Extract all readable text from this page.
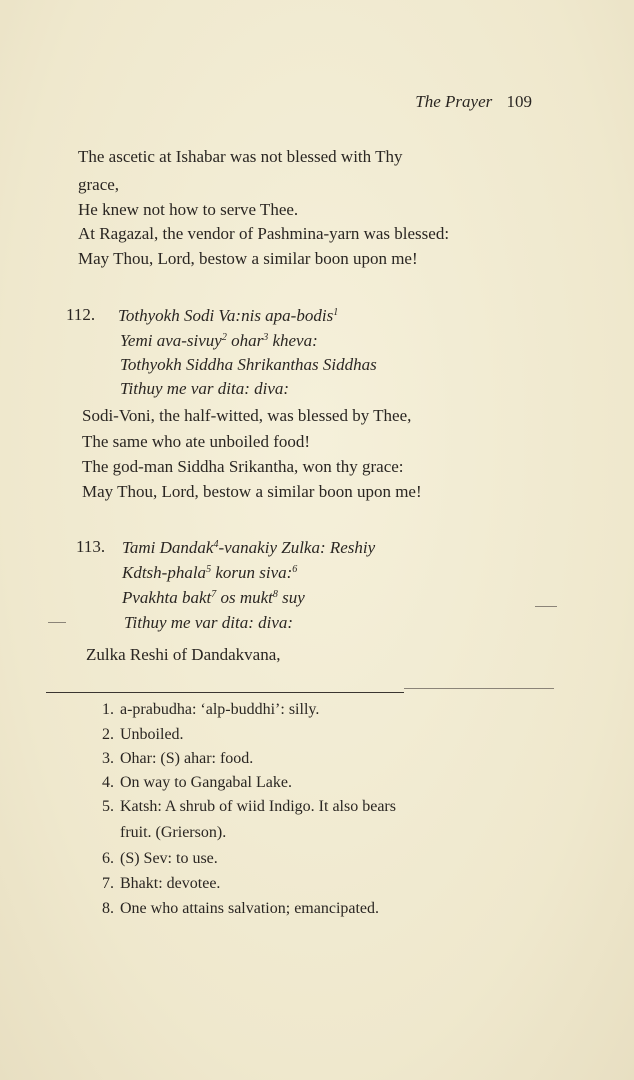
The Prayer 109
The ascetic at Ishabar was not blessed with Thy
grace,
He knew not how to serve Thee.
At Ragazal, the vendor of Pashmina-yarn was blessed:
May Thou, Lord, bestow a similar boon upon me!
112. Tothyokh Sodi Va:nis apa-bodis$^1$
Yemi ava-sivuy$^2$ ohar$^3$ kheva:
Tothyokh Siddha Shrikanthas Siddhas
Tithuy me var dita: diva:
Sodi-Voni, the half-witted, was blessed by Thee,
The same who ate unboiled food!
The god-man Siddha Srikantha, won thy grace:
May Thou, Lord, bestow a similar boon upon me!
113. Tami Dandak$^4$-vanakiy Zulka: Reshiy
Kdtsh-phala$^5$ korun siva:$^6$
Pvakhta bakt$^7$ os mukt$^8$ suy
Tithuy me var dita: diva:
Zulka Reshi of Dandakvana,
1. a-prabudha: ‘alp-buddhi’: silly.
2. Unboiled.
3. Ohar: (S) ahar: food.
4. On way to Gangabal Lake.
5. Katsh: A shrub of wiid Indigo. It also bears
fruit. (Grierson).
6. (S) Sev: to use.
7. Bhakt: devotee.
8. One who attains salvation; emancipated.
